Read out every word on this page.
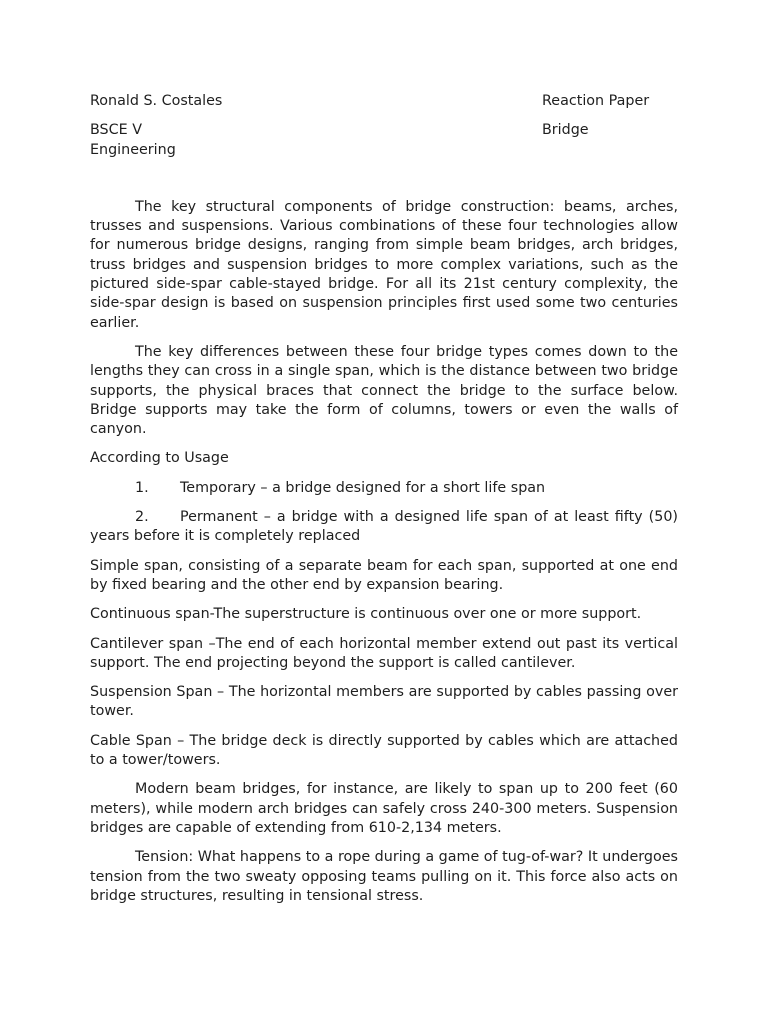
Ronald S. Costales	Reaction Paper
BSCE V	Bridge
Engineering

The key structural components of bridge construction: beams, arches, trusses and suspensions. Various combinations of these four technologies allow for numerous bridge designs, ranging from simple beam bridges, arch bridges, truss bridges and suspension bridges to more complex variations, such as the pictured side-spar cable-stayed bridge. For all its 21st century complexity, the side-spar design is based on suspension principles first used some two centuries earlier.

The key differences between these four bridge types comes down to the lengths they can cross in a single span, which is the distance between two bridge supports, the physical braces that connect the bridge to the surface below. Bridge supports may take the form of columns, towers or even the walls of canyon.

According to Usage

1. Temporary – a bridge designed for a short life span
2. Permanent – a bridge with a designed life span of at least fifty (50) years before it is completely replaced

Simple span, consisting of a separate beam for each span, supported at one end by fixed bearing and the other end by expansion bearing.

Continuous span-The superstructure is continuous over one or more support.

Cantilever span –The end of each horizontal member extend out past its vertical support. The end projecting beyond the support is called cantilever.

Suspension Span – The horizontal members are supported by cables passing over tower.

Cable Span – The bridge deck is directly supported by cables which are attached to a tower/towers.

Modern beam bridges, for instance, are likely to span up to 200 feet (60 meters), while modern arch bridges can safely cross 240-300 meters. Suspension bridges are capable of extending from 610-2,134 meters.

Tension: What happens to a rope during a game of tug-of-war? It undergoes tension from the two sweaty opposing teams pulling on it. This force also acts on bridge structures, resulting in tensional stress.
